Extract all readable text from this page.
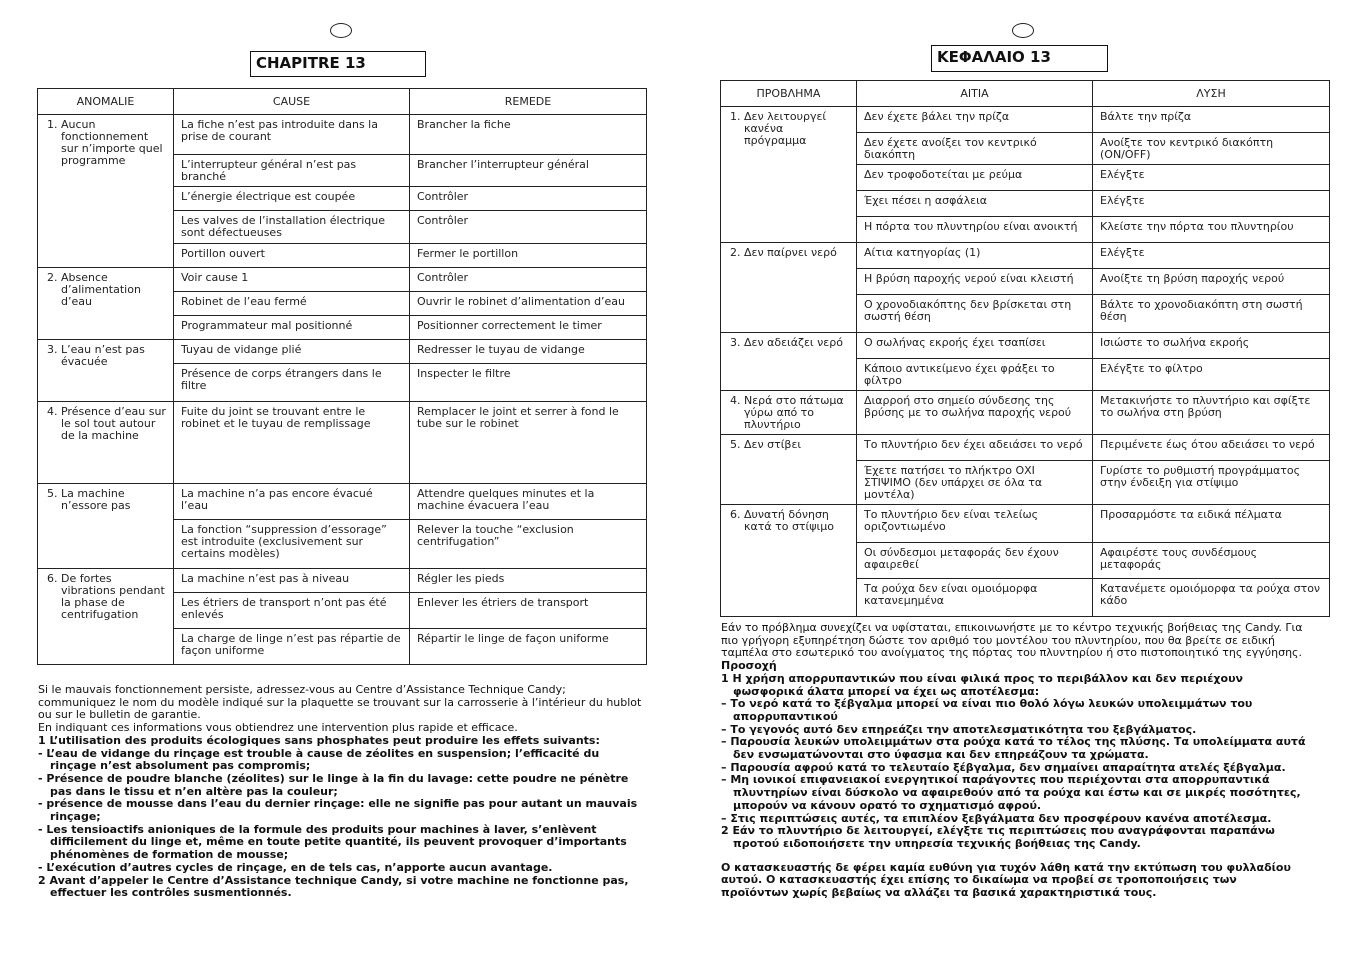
CHAPITRE 13
ANOMALIE	CAUSE	REMEDE

1. Aucun fonctionnement sur n’importe quel programme	La fiche n’est pas introduite dans la prise de courant	Brancher la fiche
	L’interrupteur général n’est pas branché	Brancher l’interrupteur général
	L’énergie électrique est coupée	Contrôler
	Les valves de l’installation électrique sont défectueuses	Contrôler
	Portillon ouvert	Fermer le portillon

2. Absence d’alimentation d’eau	Voir cause 1	Contrôler
	Robinet de l’eau fermé	Ouvrir le robinet d’alimentation d’eau
	Programmateur mal positionné	Positionner correctement le timer

3. L’eau n’est pas évacuée	Tuyau de vidange plié	Redresser le tuyau de vidange
	Présence de corps étrangers dans le filtre	Inspecter le filtre

4. Présence d’eau sur le sol tout autour de la machine	Fuite du joint se trouvant entre le robinet et le tuyau de remplissage	Remplacer le joint et serrer à fond le tube sur le robinet

5. La machine n’essore pas	La machine n’a pas encore évacué l’eau	Attendre quelques minutes et la machine évacuera l’eau
	La fonction “suppression d’essorage” est introduite (exclusivement sur certains modèles)	Relever la touche “exclusion centrifugation”

6. De fortes vibrations pendant la phase de centrifugation	La machine n’est pas à niveau	Régler les pieds
	Les étriers de transport n’ont pas été enlevés	Enlever les étriers de transport
	La charge de linge n’est pas répartie de façon uniforme	Répartir le linge de façon uniforme

Si le mauvais fonctionnement persiste, adressez-vous au Centre d’Assistance Technique Candy; communiquez le nom du modèle indiqué sur la plaquette se trouvant sur la carrosserie à l’intérieur du hublot ou sur le bulletin de garantie.

En indiquant ces informations vous obtiendrez une intervention plus rapide et efficace.

1 L’utilisation des produits écologiques sans phosphates peut produire les effets suivants:

- L’eau de vidange du rinçage est trouble à cause de zéolites en suspension; l’efficacité du rinçage n’est absolument pas compromis;

- Présence de poudre blanche (zéolites) sur le linge à la fin du lavage: cette poudre ne pénètre pas dans le tissu et n’en altère pas la couleur;

- présence de mousse dans l’eau du dernier rinçage: elle ne signifie pas pour autant un mauvais rinçage;

- Les tensioactifs anioniques de la formule des produits pour machines à laver, s’enlèvent difficilement du linge et, même en toute petite quantité, ils peuvent provoquer d’importants phénomènes de formation de mousse;

- L’exécution d’autres cycles de rinçage, en de tels cas, n’apporte aucun avantage.

2 Avant d’appeler le Centre d’Assistance technique Candy, si votre machine ne fonctionne pas, effectuer les contrôles susmentionnés.

ΚΕΦΑΛΑΙΟ 13
ΠΡΟΒΛΗΜΑ	ΑΙΤΙΑ	ΛΥΣΗ

1. Δεν λειτουργεί κανένα πρόγραμμα	Δεν έχετε βάλει την πρίζα	Βάλτε την πρίζα
	Δεν έχετε ανοίξει τον κεντρικό διακόπτη	Ανοίξτε τον κεντρικό διακόπτη (ON/OFF)
	Δεν τροφοδοτείται με ρεύμα	Ελέγξτε
	Έχει πέσει η ασφάλεια	Ελέγξτε
	Η πόρτα του πλυντηρίου είναι ανοικτή	Κλείστε την πόρτα του πλυντηρίου

2. Δεν παίρνει νερό	Αίτια κατηγορίας (1)	Ελέγξτε
	Η βρύση παροχής νερού είναι κλειστή	Ανοίξτε τη βρύση παροχής νερού
	Ο χρονοδιακόπτης δεν βρίσκεται στη σωστή θέση	Βάλτε το χρονοδιακόπτη στη σωστή θέση

3. Δεν αδειάζει νερό	Ο σωλήνας εκροής έχει τσαπίσει	Ισιώστε το σωλήνα εκροής
	Κάποιο αντικείμενο έχει φράξει το φίλτρο	Ελέγξτε το φίλτρο

4. Νερά στο πάτωμα γύρω από το πλυντήριο	Διαρροή στο σημείο σύνδεσης της βρύσης με το σωλήνα παροχής νερού	Μετακινήστε το πλυντήριο και σφίξτε το σωλήνα στη βρύση

5. Δεν στίβει	Το πλυντήριο δεν έχει αδειάσει το νερό	Περιμένετε έως ότου αδειάσει το νερό
	Έχετε πατήσει το πλήκτρο ΟΧΙ ΣΤΙΨΙΜΟ (δεν υπάρχει σε όλα τα μοντέλα)	Γυρίστε το ρυθμιστή προγράμματος στην ένδειξη για στίψιμο

6. Δυνατή δόνηση κατά το στίψιμο	Το πλυντήριο δεν είναι τελείως οριζοντιωμένο	Προσαρμόστε τα ειδικά πέλματα
	Οι σύνδεσμοι μεταφοράς δεν έχουν αφαιρεθεί	Αφαιρέστε τους συνδέσμους μεταφοράς
	Τα ρούχα δεν είναι ομοιόμορφα κατανεμημένα	Κατανέμετε ομοιόμορφα τα ρούχα στον κάδο

Εάν το πρόβλημα συνεχίζει να υφίσταται, επικοινωνήστε με το κέντρο τεχνικής βοήθειας της Candy. Για πιο γρήγορη εξυπηρέτηση δώστε τον αριθμό του μοντέλου του πλυντηρίου, που θα βρείτε σε ειδική ταμπέλα στο εσωτερικό του ανοίγματος της πόρτας του πλυντηρίου ή στο πιστοποιητικό της εγγύησης.

Προσοχή

1 Η χρήση απορρυπαντικών που είναι φιλικά προς το περιβάλλον και δεν περιέχουν φωσφορικά άλατα μπορεί να έχει ως αποτέλεσμα:

– Το νερό κατά το ξέβγαλμα μπορεί να είναι πιο θολό λόγω λευκών υπολειμμάτων του απορρυπαντικού

– Το γεγονός αυτό δεν επηρεάζει την αποτελεσματικότητα του ξεβγάλματος.

– Παρουσία λευκών υπολειμμάτων στα ρούχα κατά το τέλος της πλύσης. Τα υπολείμματα αυτά δεν ενσωματώνονται στο ύφασμα και δεν επηρεάζουν τα χρώματα.

– Παρουσία αφρού κατά το τελευταίο ξέβγαλμα, δεν σημαίνει απαραίτητα ατελές ξέβγαλμα.

– Μη ιονικοί επιφανειακοί ενεργητικοί παράγοντες που περιέχονται στα απορρυπαντικά πλυντηρίων είναι δύσκολο να αφαιρεθούν από τα ρούχα και έστω και σε μικρές ποσότητες, μπορούν να κάνουν ορατό το σχηματισμό αφρού.

– Στις περιπτώσεις αυτές, τα επιπλέον ξεβγάλματα δεν προσφέρουν κανένα αποτέλεσμα.

2 Εάν το πλυντήριο δε λειτουργεί, ελέγξτε τις περιπτώσεις που αναγράφονται παραπάνω προτού ειδοποιήσετε την υπηρεσία τεχνικής βοήθειας της Candy.

Ο κατασκευαστής δε φέρει καμία ευθύνη για τυχόν λάθη κατά την εκτύπωση του φυλλαδίου αυτού. Ο κατασκευαστής έχει επίσης το δικαίωμα να προβεί σε τροποποιήσεις των προϊόντων χωρίς βεβαίως να αλλάζει τα βασικά χαρακτηριστικά τους.
